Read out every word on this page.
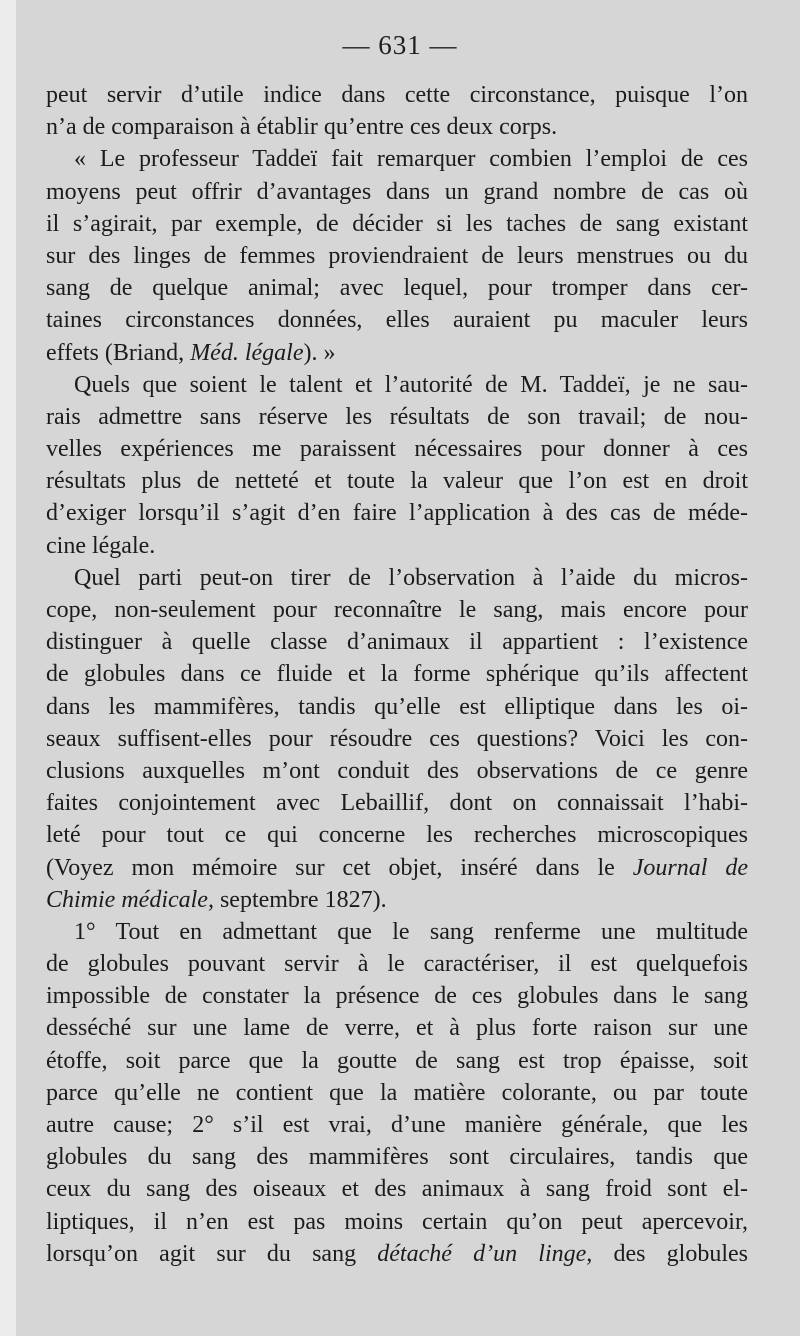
— 631 —
peut servir d’utile indice dans cette circonstance, puisque l’on
n’a de comparaison à établir qu’entre ces deux corps.
« Le professeur Taddeï fait remarquer combien l’emploi de ces
moyens peut offrir d’avantages dans un grand nombre de cas où
il s’agirait, par exemple, de décider si les taches de sang existant
sur des linges de femmes proviendraient de leurs menstrues ou du
sang de quelque animal; avec lequel, pour tromper dans cer-
taines circonstances données, elles auraient pu maculer leurs
effets (Briand, Méd. légale). »
Quels que soient le talent et l’autorité de M. Taddeï, je ne sau-
rais admettre sans réserve les résultats de son travail; de nou-
velles expériences me paraissent nécessaires pour donner à ces
résultats plus de netteté et toute la valeur que l’on est en droit
d’exiger lorsqu’il s’agit d’en faire l’application à des cas de méde-
cine légale.
Quel parti peut-on tirer de l’observation à l’aide du micros-
cope, non-seulement pour reconnaître le sang, mais encore pour
distinguer à quelle classe d’animaux il appartient : l’existence
de globules dans ce fluide et la forme sphérique qu’ils affectent
dans les mammifères, tandis qu’elle est elliptique dans les oi-
seaux suffisent-elles pour résoudre ces questions? Voici les con-
clusions auxquelles m’ont conduit des observations de ce genre
faites conjointement avec Lebaillif, dont on connaissait l’habi-
leté pour tout ce qui concerne les recherches microscopiques
(Voyez mon mémoire sur cet objet, inséré dans le Journal de
Chimie médicale, septembre 1827).
1° Tout en admettant que le sang renferme une multitude
de globules pouvant servir à le caractériser, il est quelquefois
impossible de constater la présence de ces globules dans le sang
desséché sur une lame de verre, et à plus forte raison sur une
étoffe, soit parce que la goutte de sang est trop épaisse, soit
parce qu’elle ne contient que la matière colorante, ou par toute
autre cause; 2° s’il est vrai, d’une manière générale, que les
globules du sang des mammifères sont circulaires, tandis que
ceux du sang des oiseaux et des animaux à sang froid sont el-
liptiques, il n’en est pas moins certain qu’on peut apercevoir,
lorsqu’on agit sur du sang détaché d’un linge, des globules
